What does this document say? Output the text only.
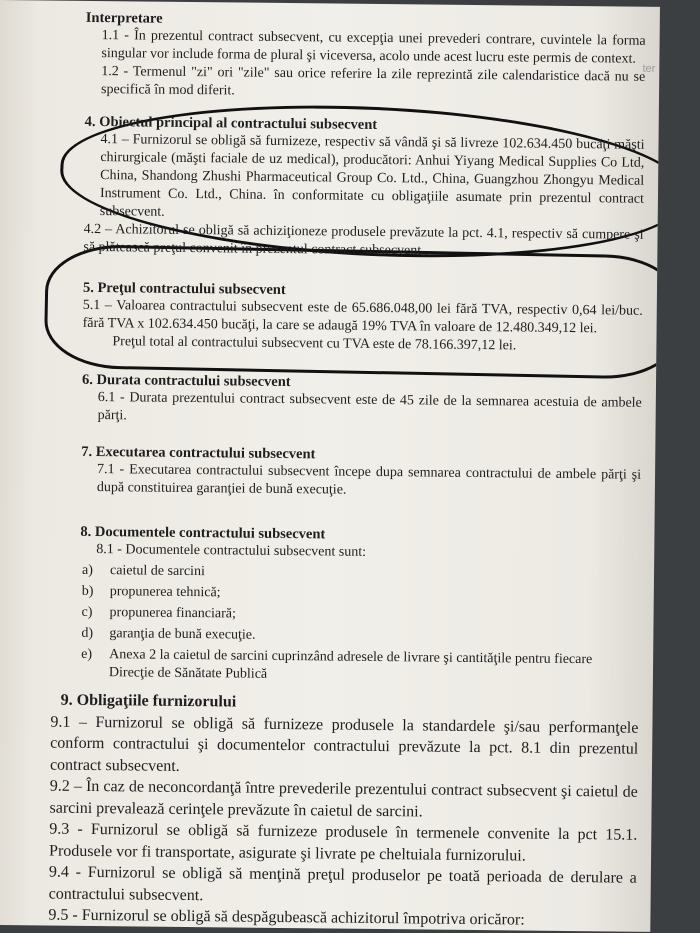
ter
Interpretare
1.1 - În prezentul contract subsecvent, cu excepţia unei prevederi contrare, cuvintele la forma singular vor include forma de plural şi viceversa, acolo unde acest lucru este permis de context.
1.2 - Termenul "zi" ori "zile" sau orice referire la zile reprezintă zile calendaristice dacă nu se specifică în mod diferit.
4. Obiectul principal al contractului subsecvent
4.1 – Furnizorul se obligă să furnizeze, respectiv să vândă şi să livreze 102.634.450 bucăţi măşti chirurgicale (măşti faciale de uz medical), producători: Anhui Yiyang Medical Supplies Co Ltd, China, Shandong Zhushi Pharmaceutical Group Co. Ltd., China, Guangzhou Zhongyu Medical Instrument Co. Ltd., China. în conformitate cu obligaţiile asumate prin prezentul contract subsecvent.
4.2 – Achizitorul se obligă să achiziţioneze produsele prevăzute la pct. 4.1, respectiv să cumpere şi să plătească preţul convenit în prezentul contract subsecvent .
5. Preţul contractului subsecvent
5.1 – Valoarea contractului subsecvent este de 65.686.048,00 lei fără TVA, respectiv 0,64 lei/buc. fără TVA x 102.634.450 bucăţi, la care se adaugă 19% TVA în valoare de 12.480.349,12 lei.
Preţul total al contractului subsecvent cu TVA este de 78.166.397,12 lei.
6. Durata contractului subsecvent
6.1 - Durata prezentului contract subsecvent este de 45 zile de la semnarea acestuia de ambele părţi.
7. Executarea contractului subsecvent
7.1 - Executarea contractului subsecvent începe dupa semnarea contractului de ambele părţi şi după constituirea garanţiei de bună execuţie.
8. Documentele contractului subsecvent
8.1 - Documentele contractului subsecvent sunt:
a)	caietul de sarcini
b)	propunerea tehnică;
c)	propunerea financiară;
d)	garanţia de bună execuţie.
e)	Anexa 2 la caietul de sarcini cuprinzând adresele de livrare şi cantităţile pentru fiecare Direcţie de Sănătate Publică
9. Obligaţiile furnizorului
9.1 – Furnizorul se obligă să furnizeze produsele la standardele şi/sau performanţele conform contractului şi documentelor contractului prevăzute la pct. 8.1 din prezentul contract subsecvent.
9.2 – În caz de neconcordanţă între prevederile prezentului contract subsecvent şi caietul de sarcini prevalează cerinţele prevăzute în caietul de sarcini.
9.3 - Furnizorul se obligă să furnizeze produsele în termenele convenite la pct 15.1. Produsele vor fi transportate, asigurate şi livrate pe cheltuiala furnizorului.
9.4 - Furnizorul se obligă să menţină preţul produselor pe toată perioada de derulare a contractului subsecvent.
9.5 - Furnizorul se obligă să despăgubească achizitorul împotriva oricăror:
